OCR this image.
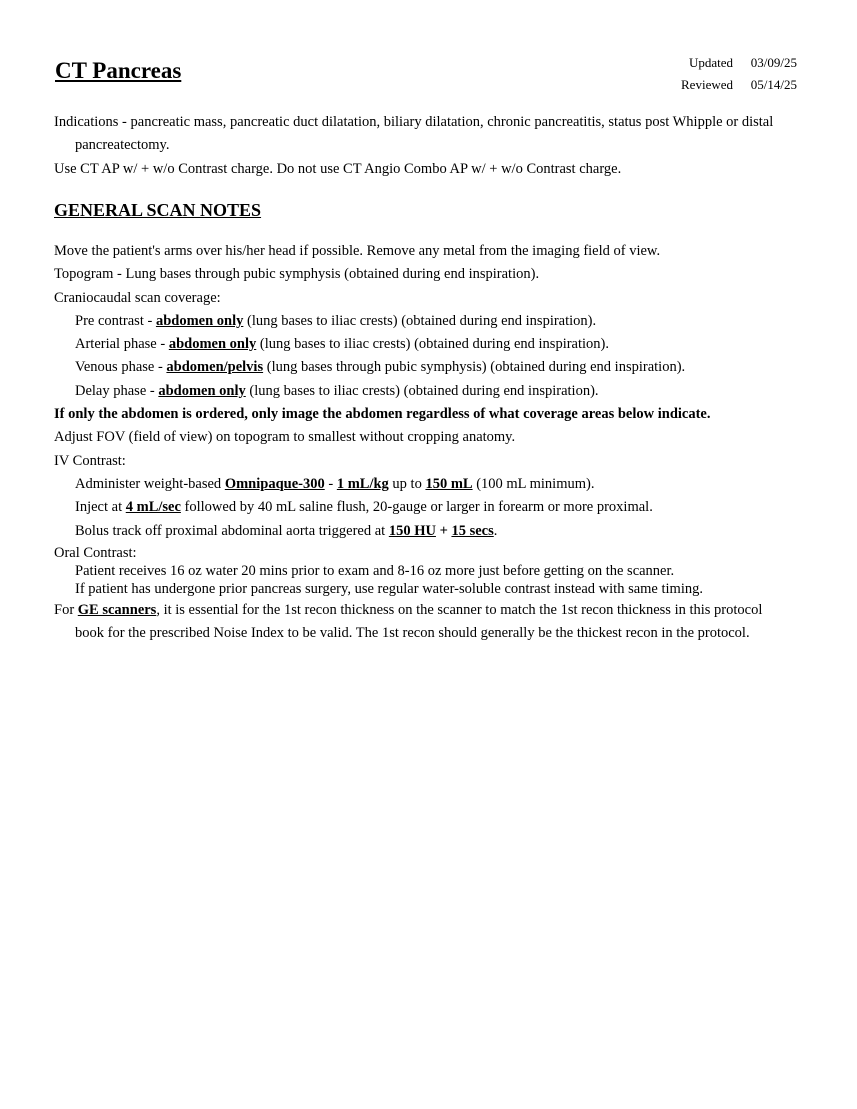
CT Pancreas	Updated	03/09/25
Reviewed	05/14/25

Indications - pancreatic mass, pancreatic duct dilatation, biliary dilatation, chronic pancreatitis, status post Whipple or distal pancreatectomy.

Use CT AP w/ + w/o Contrast charge. Do not use CT Angio Combo AP w/ + w/o Contrast charge.

GENERAL SCAN NOTES

Move the patient's arms over his/her head if possible. Remove any metal from the imaging field of view.

Topogram - Lung bases through pubic symphysis (obtained during end inspiration).

Craniocaudal scan coverage:

Pre contrast - abdomen only (lung bases to iliac crests) (obtained during end inspiration).

Arterial phase - abdomen only (lung bases to iliac crests) (obtained during end inspiration).

Venous phase - abdomen/pelvis (lung bases through pubic symphysis) (obtained during end inspiration).

Delay phase - abdomen only (lung bases to iliac crests) (obtained during end inspiration).

If only the abdomen is ordered, only image the abdomen regardless of what coverage areas below indicate.

Adjust FOV (field of view) on topogram to smallest without cropping anatomy.

IV Contrast:

Administer weight-based Omnipaque-300 - 1 mL/kg up to 150 mL (100 mL minimum).

Inject at 4 mL/sec followed by 40 mL saline flush, 20-gauge or larger in forearm or more proximal.

Bolus track off proximal abdominal aorta triggered at 150 HU + 15 secs.

Oral Contrast:

Patient receives 16 oz water 20 mins prior to exam and 8-16 oz more just before getting on the scanner.

If patient has undergone prior pancreas surgery, use regular water-soluble contrast instead with same timing.

For GE scanners, it is essential for the 1st recon thickness on the scanner to match the 1st recon thickness in this protocol book for the prescribed Noise Index to be valid. The 1st recon should generally be the thickest recon in the protocol.
